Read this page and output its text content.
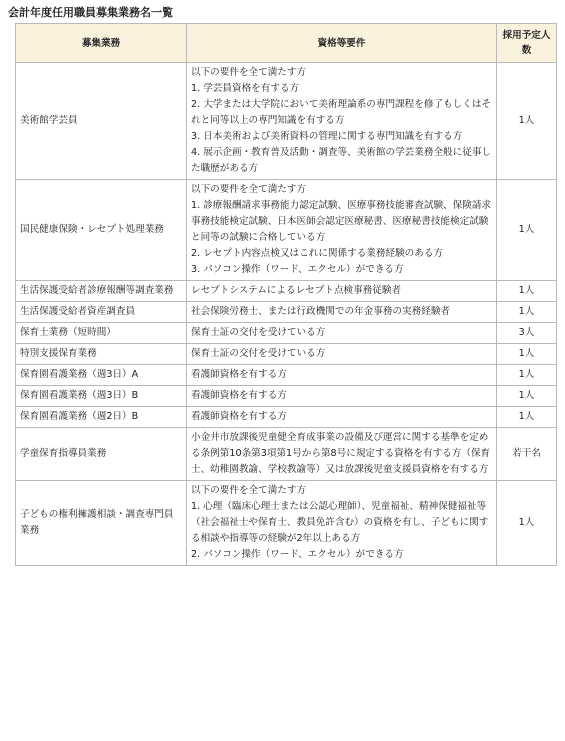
会計年度任用職員募集業務名一覧
募集業務	資格等要件	採用予定人数
美術館学芸員	以下の要件を全て満たす方
1. 学芸員資格を有する方
2. 大学または大学院において美術理論系の専門課程を修了もしくはそれと同等以上の専門知識を有する方
3. 日本美術および美術資料の管理に関する専門知識を有する方
4. 展示企画・教育普及活動・調査等、美術館の学芸業務全般に従事した職歴がある方	1人
国民健康保険・レセプト処理業務	以下の要件を全て満たす方
1. 診療報酬請求事務能力認定試験、医療事務技能審査試験、保険請求事務技能検定試験、日本医師会認定医療秘書、医療秘書技能検定試験と同等の試験に合格している方
2. レセプト内容点検又はこれに関係する業務経験のある方
3. パソコン操作（ワード、エクセル）ができる方	1人
生活保護受給者診療報酬等調査業務	レセプトシステムによるレセプト点検事務従験者	1人
生活保護受給者資産調査員	社会保険労務士、または行政機関での年金事務の実務経験者	1人
保育士業務（短時間）	保育士証の交付を受けている方	3人
特別支援保育業務	保育士証の交付を受けている方	1人
保育園看護業務（週3日）A	看護師資格を有する方	1人
保育園看護業務（週3日）B	看護師資格を有する方	1人
保育園看護業務（週2日）B	看護師資格を有する方	1人
学童保育指導員業務	小金井市放課後児童健全育成事業の設備及び運営に関する基準を定める条例第10条第3項第1号から第8号に規定する資格を有する方（保育士、幼稚園教諭、学校教諭等）又は放課後児童支援員資格を有する方	若干名
子どもの権利擁護相談・調査専門員業務	以下の要件を全て満たす方
1. 心理（臨床心理士または公認心理師）、児童福祉、精神保健福祉等（社会福祉士や保育士、教員免許含む）の資格を有し、子どもに関する相談や指導等の経験が2年以上ある方
2. パソコン操作（ワード、エクセル）ができる方	1人
